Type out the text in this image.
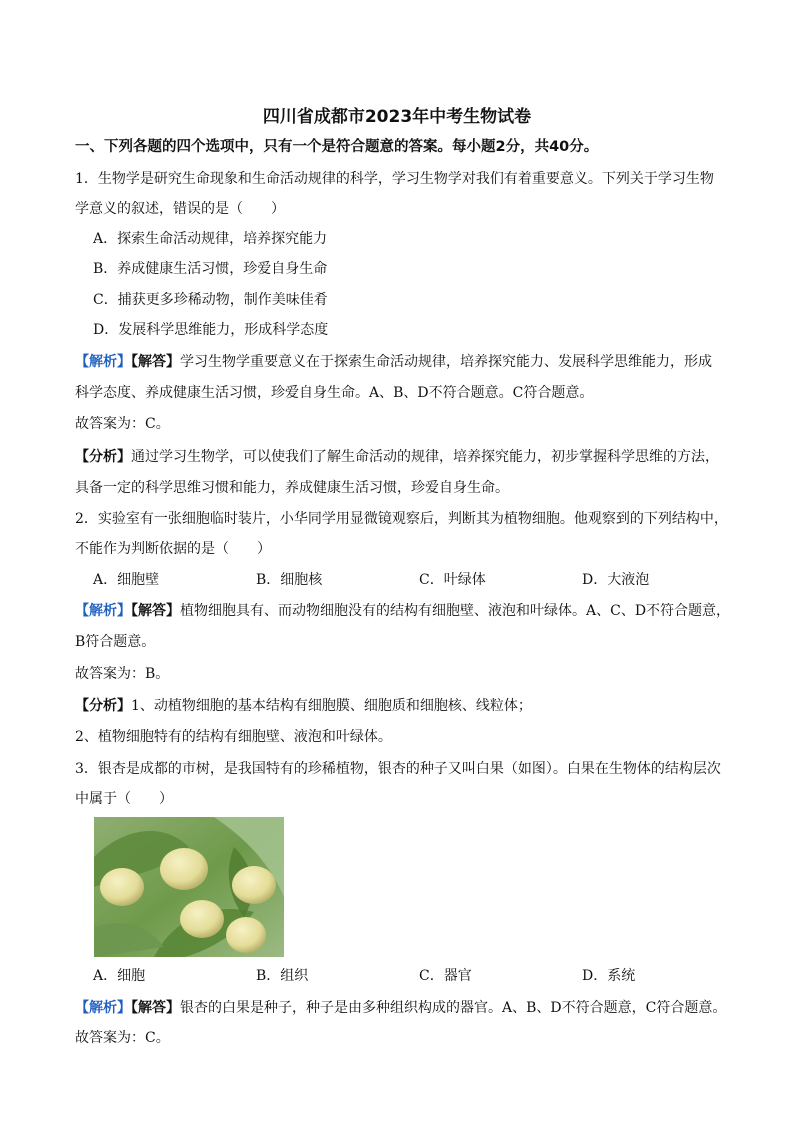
四川省成都市2023年中考生物试卷
一、下列各题的四个选项中，只有一个是符合题意的答案。每小题2分，共40分。
1．生物学是研究生命现象和生命活动规律的科学，学习生物学对我们有着重要意义。下列关于学习生物
学意义的叙述，错误的是（　　）
A．探索生命活动规律，培养探究能力
B．养成健康生活习惯，珍爱自身生命
C．捕获更多珍稀动物，制作美味佳肴
D．发展科学思维能力，形成科学态度
【解析】【解答】学习生物学重要意义在于探索生命活动规律，培养探究能力、发展科学思维能力，形成
科学态度、养成健康生活习惯，珍爱自身生命。A、B、D不符合题意。C符合题意。
故答案为：C。
【分析】通过学习生物学，可以使我们了解生命活动的规律，培养探究能力，初步掌握科学思维的方法，
具备一定的科学思维习惯和能力，养成健康生活习惯，珍爱自身生命。
2．实验室有一张细胞临时装片，小华同学用显微镜观察后，判断其为植物细胞。他观察到的下列结构中，
不能作为判断依据的是（　　）
A．细胞壁	B．细胞核	C．叶绿体	D．大液泡
【解析】【解答】植物细胞具有、而动物细胞没有的结构有细胞壁、液泡和叶绿体。A、C、D不符合题意，
B符合题意。
故答案为：B。
【分析】1、动植物细胞的基本结构有细胞膜、细胞质和细胞核、线粒体；
2、植物细胞特有的结构有细胞壁、液泡和叶绿体。
3．银杏是成都的市树，是我国特有的珍稀植物，银杏的种子又叫白果（如图）。白果在生物体的结构层次
中属于（　　）
A．细胞	B．组织	C．器官	D．系统
【解析】【解答】银杏的白果是种子，种子是由多种组织构成的器官。A、B、D不符合题意，C符合题意。
故答案为：C。
